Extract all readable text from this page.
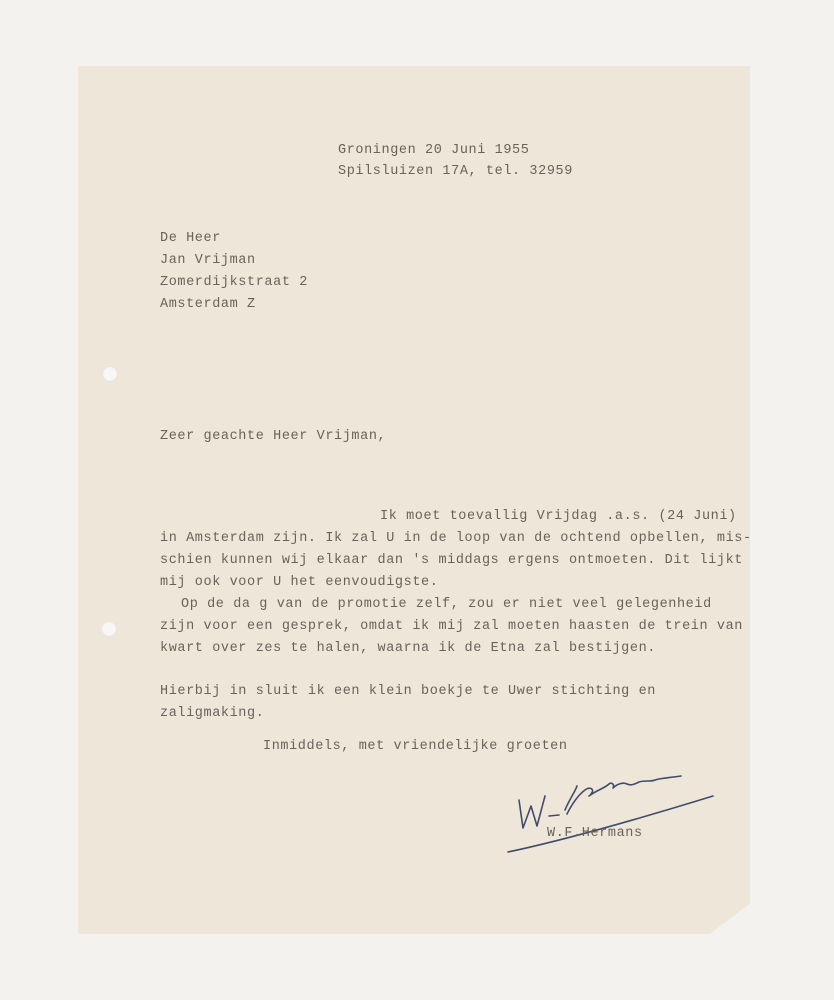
Groningen 20 Juni 1955
Spilsluizen 17A, tel. 32959
De Heer
Jan Vrijman
Zomerdijkstraat 2
Amsterdam Z
Zeer geachte Heer Vrijman,
Ik moet toevallig Vrijdag .a.s. (24 Juni)
in Amsterdam zijn. Ik zal U in de loop van de ochtend opbellen, mis-
schien kunnen wij elkaar dan 's middags ergens ontmoeten. Dit lijkt
mij ook voor U het eenvoudigste.
Op de da g van de promotie zelf, zou er niet veel gelegenheid
zijn voor een gesprek, omdat ik mij zal moeten haasten de trein van
kwart over zes te halen, waarna ik de Etna zal bestijgen.
Hierbij in sluit ik een klein boekje te Uwer stichting en
zaligmaking.
Inmiddels, met vriendelijke groeten
W.F.Hermans
